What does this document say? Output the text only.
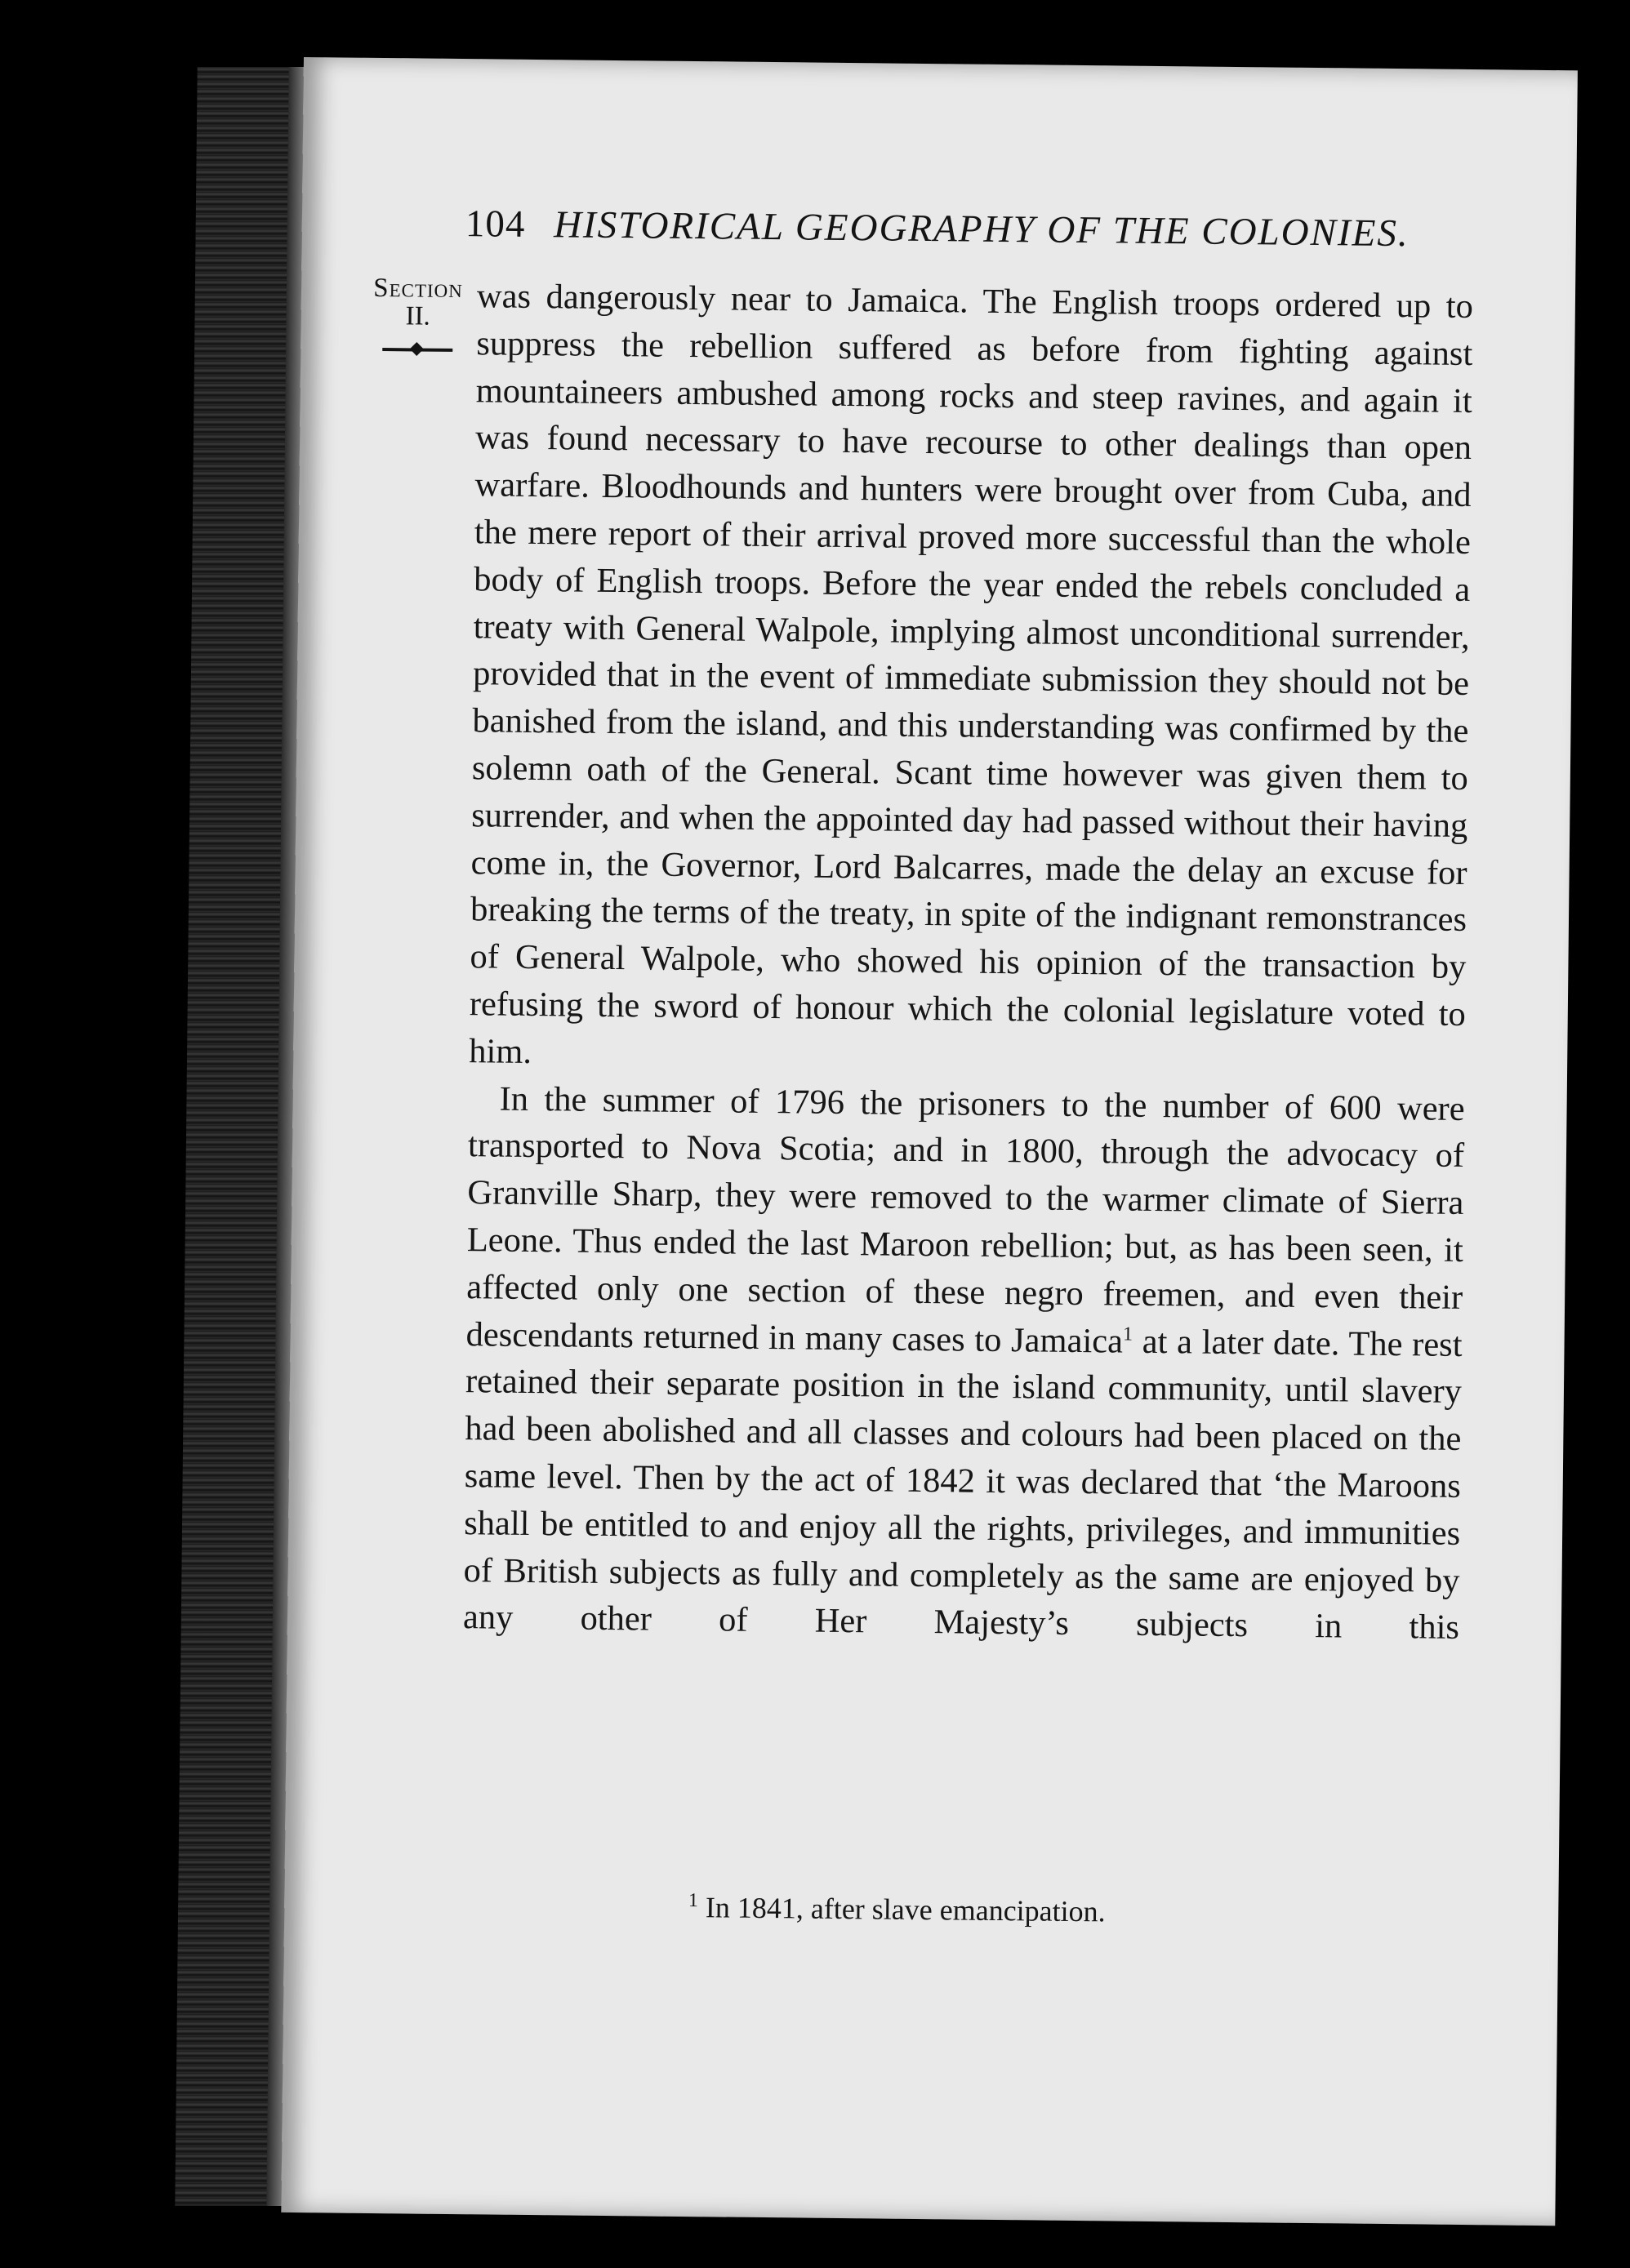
104 HISTORICAL GEOGRAPHY OF THE COLONIES.
Section
II.	was dangerously near to Jamaica. The English troops ordered up to suppress the rebellion suffered as before from fighting against mountaineers ambushed among rocks and steep ravines, and again it was found necessary to have recourse to other dealings than open warfare. Bloodhounds and hunters were brought over from Cuba, and the mere report of their arrival proved more successful than the whole body of English troops. Before the year ended the rebels concluded a treaty with General Walpole, implying almost unconditional surrender, provided that in the event of immediate submission they should not be banished from the island, and this understanding was confirmed by the solemn oath of the General. Scant time however was given them to surrender, and when the appointed day had passed without their having come in, the Governor, Lord Balcarres, made the delay an excuse for breaking the terms of the treaty, in spite of the indignant remonstrances of General Walpole, who showed his opinion of the transaction by refusing the sword of honour which the colonial legislature voted to him.

In the summer of 1796 the prisoners to the number of 600 were transported to Nova Scotia; and in 1800, through the advocacy of Granville Sharp, they were removed to the warmer climate of Sierra Leone. Thus ended the last Maroon rebellion; but, as has been seen, it affected only one section of these negro freemen, and even their descendants returned in many cases to Jamaica$^1$ at a later date. The rest retained their separate position in the island community, until slavery had been abolished and all classes and colours had been placed on the same level. Then by the act of 1842 it was declared that ‘the Maroons shall be entitled to and enjoy all the rights, privileges, and immunities of British subjects as fully and completely as the same are enjoyed by any other of Her Majesty’s subjects in this

$^1$ In 1841, after slave emancipation.
